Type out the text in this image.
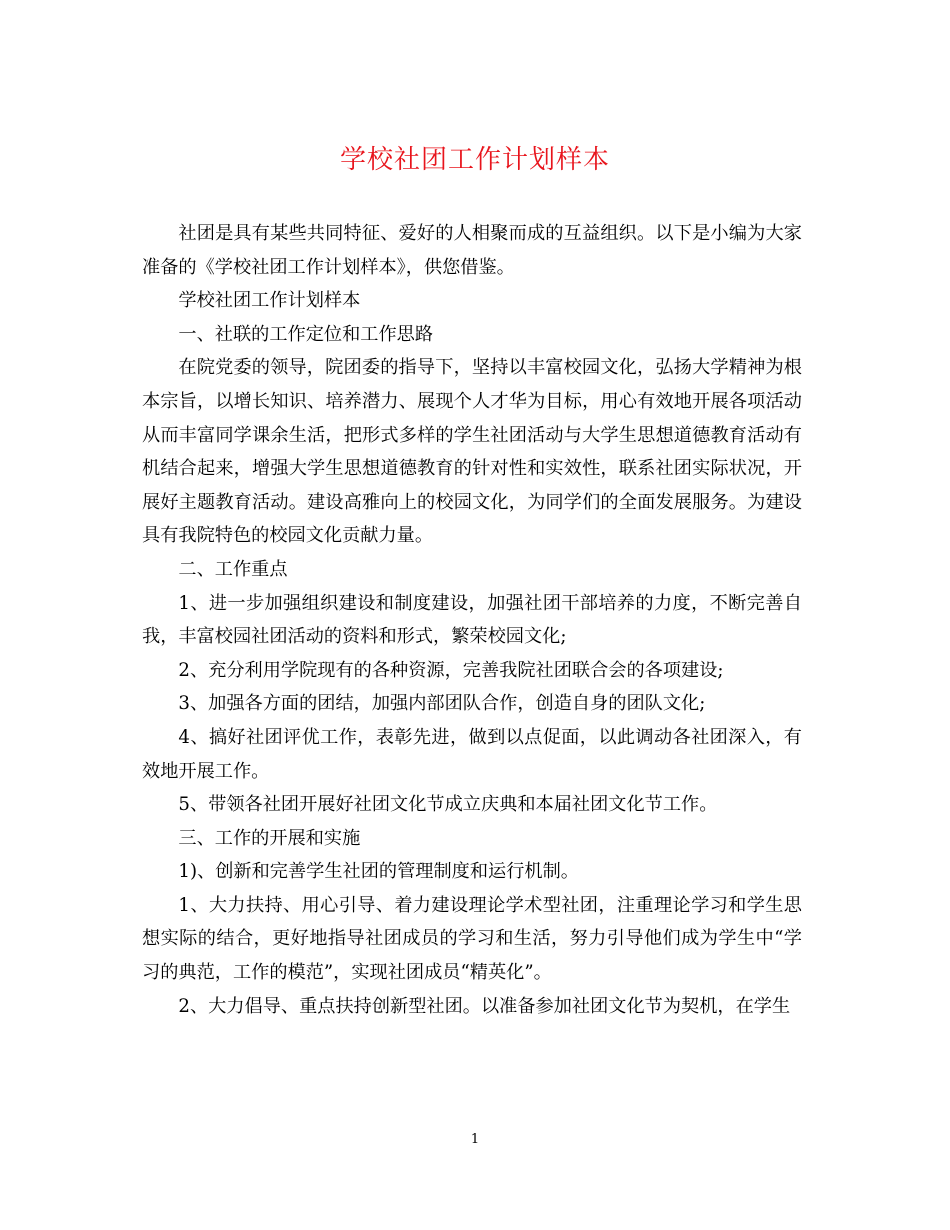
学校社团工作计划样本

社团是具有某些共同特征、爱好的人相聚而成的互益组织。以下是小编为大家准备的《学校社团工作计划样本》，供您借鉴。

学校社团工作计划样本

一、社联的工作定位和工作思路

在院党委的领导，院团委的指导下，坚持以丰富校园文化，弘扬大学精神为根本宗旨，以增长知识、培养潜力、展现个人才华为目标，用心有效地开展各项活动从而丰富同学课余生活，把形式多样的学生社团活动与大学生思想道德教育活动有机结合起来，增强大学生思想道德教育的针对性和实效性，联系社团实际状况，开展好主题教育活动。建设高雅向上的校园文化，为同学们的全面发展服务。为建设具有我院特色的校园文化贡献力量。

二、工作重点

1、进一步加强组织建设和制度建设，加强社团干部培养的力度，不断完善自我，丰富校园社团活动的资料和形式，繁荣校园文化;

2、充分利用学院现有的各种资源，完善我院社团联合会的各项建设;

3、加强各方面的团结，加强内部团队合作，创造自身的团队文化;

4、搞好社团评优工作，表彰先进，做到以点促面，以此调动各社团深入，有效地开展工作。

5、带领各社团开展好社团文化节成立庆典和本届社团文化节工作。

三、工作的开展和实施

1)、创新和完善学生社团的管理制度和运行机制。

1、大力扶持、用心引导、着力建设理论学术型社团，注重理论学习和学生思想实际的结合，更好地指导社团成员的学习和生活，努力引导他们成为学生中“学习的典范，工作的模范”，实现社团成员“精英化”。

2、大力倡导、重点扶持创新型社团。以准备参加社团文化节为契机，在学生

1
